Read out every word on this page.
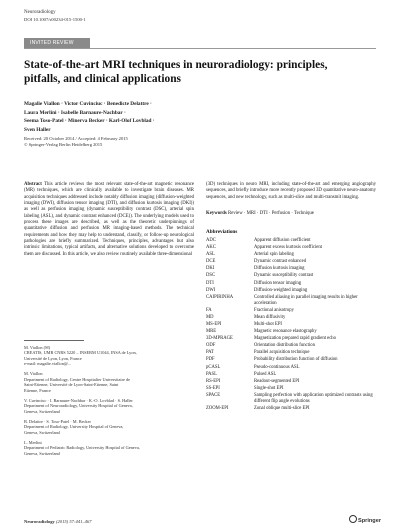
Neuroradiology
DOI 10.1007/s00234-015-1500-1
INVITED REVIEW
State-of-the-art MRI techniques in neuroradiology: principles, pitfalls, and clinical applications
Magalie Viallon · Victor Cuvinciuc · Benedicte Delattre ·
Laura Merlini · Isabelle Barnaure-Nachbar ·
Seema Toso-Patel · Minerva Becker · Karl-Olof Lovblad ·
Sven Haller
Received: 20 October 2014 / Accepted: 4 February 2015
© Springer-Verlag Berlin Heidelberg 2015
Abstract This article reviews the most relevant state-of-the-art magnetic resonance (MR) techniques, which are clinically available to investigate brain diseases. MR acquisition techniques addressed include notably diffusion imaging (diffusion-weighted imaging (DWI), diffusion tensor imaging (DTI), and diffusion kurtosis imaging (DKI)) as well as perfusion imaging (dynamic susceptibility contrast (DSC), arterial spin labeling (ASL), and dynamic contrast enhanced (DCE)). The underlying models used to process these images are described, as well as the theoretic underpinnings of quantitative diffusion and perfusion MR imaging-based methods. The technical requirements and how they may help to understand, classify, or follow-up neurological pathologies are briefly summarized. Techniques, principles, advantages but also intrinsic limitations, typical artifacts, and alternative solutions developed to overcome them are discussed. In this article, we also review routinely available three-dimensional
M. Viallon (✉)
CREATIS, UMR CNRS 5220 – INSERM U1044, INSA de Lyon,
Université de Lyon, Lyon, France
e-mail: magalie.viallon@...
M. Viallon
Department of Radiology, Centre Hospitalier Universitaire de
Saint-Etienne, Université de Lyon-Saint-Etienne, Saint
Etienne, France
V. Cuvinciuc · I. Barnaure-Nachbar · K.-O. Lovblad · S. Haller
Department of Neuroradiology, University Hospital of Geneva,
Geneva, Switzerland
B. Delattre · S. Toso-Patel · M. Becker
Department of Radiology, University Hospital of Geneva,
Geneva, Switzerland
L. Merlini
Department of Pediatric Radiology, University Hospital of Geneva,
Geneva, Switzerland
(3D) techniques in neuro MRI, including state-of-the-art and emerging angiography sequences, and briefly introduce more recently proposed 3D quantitative neuro-anatomy sequences, and new technology, such as multi-slice and multi-transmit imaging.
Keywords Review · MRI · DTI · Perfusion · Technique
Abbreviations
ADC	Apparent diffusion coefficient
AKC	Apparent excess kurtosis coefficient
ASL	Arterial spin labeling
DCE	Dynamic contrast enhanced
DKI	Diffusion kurtosis imaging
DSC	Dynamic susceptibility contrast
DTI	Diffusion tensor imaging
DWI	Diffusion-weighted imaging
CAIPIRINHA	Controlled aliasing in parallel imaging results in higher acceleration
FA	Fractional anisotropy
MD	Mean diffusivity
MS-EPI	Multi-shot EPI
MRE	Magnetic resonance elastography
3D-MPRAGE	Magnetization prepared rapid gradient echo
ODF	Orientation distribution function
PAT	Parallel acquisition technique
PDF	Probability distribution function of diffusion
pCASL	Pseudo-continuous ASL
PASL	Pulsed ASL
RS-EPI	Readout-segmented EPI
SS-EPI	Single-shot EPI
SPACE	Sampling perfection with application optimized contrasts using different flip angle evolutions
ZOOM-EPI	Zonal oblique multi-slice EPI
Neuroradiology (2015) 57:441–467	Springer
